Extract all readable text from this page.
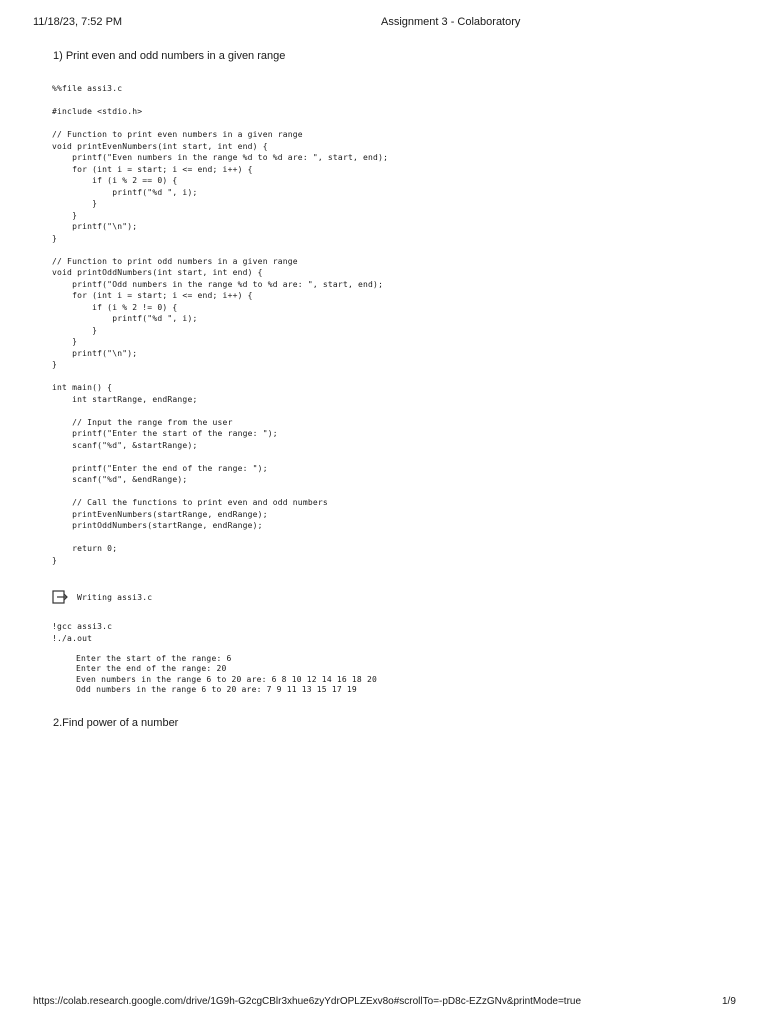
11/18/23, 7:52 PM	Assignment 3 - Colaboratory
1) Print even and odd numbers in a given range
%%file assi3.c

#include <stdio.h>

// Function to print even numbers in a given range
void printEvenNumbers(int start, int end) {
printf("Even numbers in the range %d to %d are: ", start, end);
for (int i = start; i <= end; i++) {
if (i % 2 == 0) {
printf("%d ", i);
}
}
printf("\n");
}

// Function to print odd numbers in a given range
void printOddNumbers(int start, int end) {
printf("Odd numbers in the range %d to %d are: ", start, end);
for (int i = start; i <= end; i++) {
if (i % 2 != 0) {
printf("%d ", i);
}
}
printf("\n");
}

int main() {
int startRange, endRange;

// Input the range from the user
printf("Enter the start of the range: ");
scanf("%d", &startRange);

printf("Enter the end of the range: ");
scanf("%d", &endRange);

// Call the functions to print even and odd numbers
printEvenNumbers(startRange, endRange);
printOddNumbers(startRange, endRange);

return 0;
}
Writing assi3.c
!gcc assi3.c
!./a.out
Enter the start of the range: 6
Enter the end of the range: 20
Even numbers in the range 6 to 20 are: 6 8 10 12 14 16 18 20
Odd numbers in the range 6 to 20 are: 7 9 11 13 15 17 19
2.Find power of a number
https://colab.research.google.com/drive/1G9h-G2cgCBlr3xhue6zyYdrOPLZExv8o#scrollTo=-pD8c-EZzGNv&printMode=true	1/9
